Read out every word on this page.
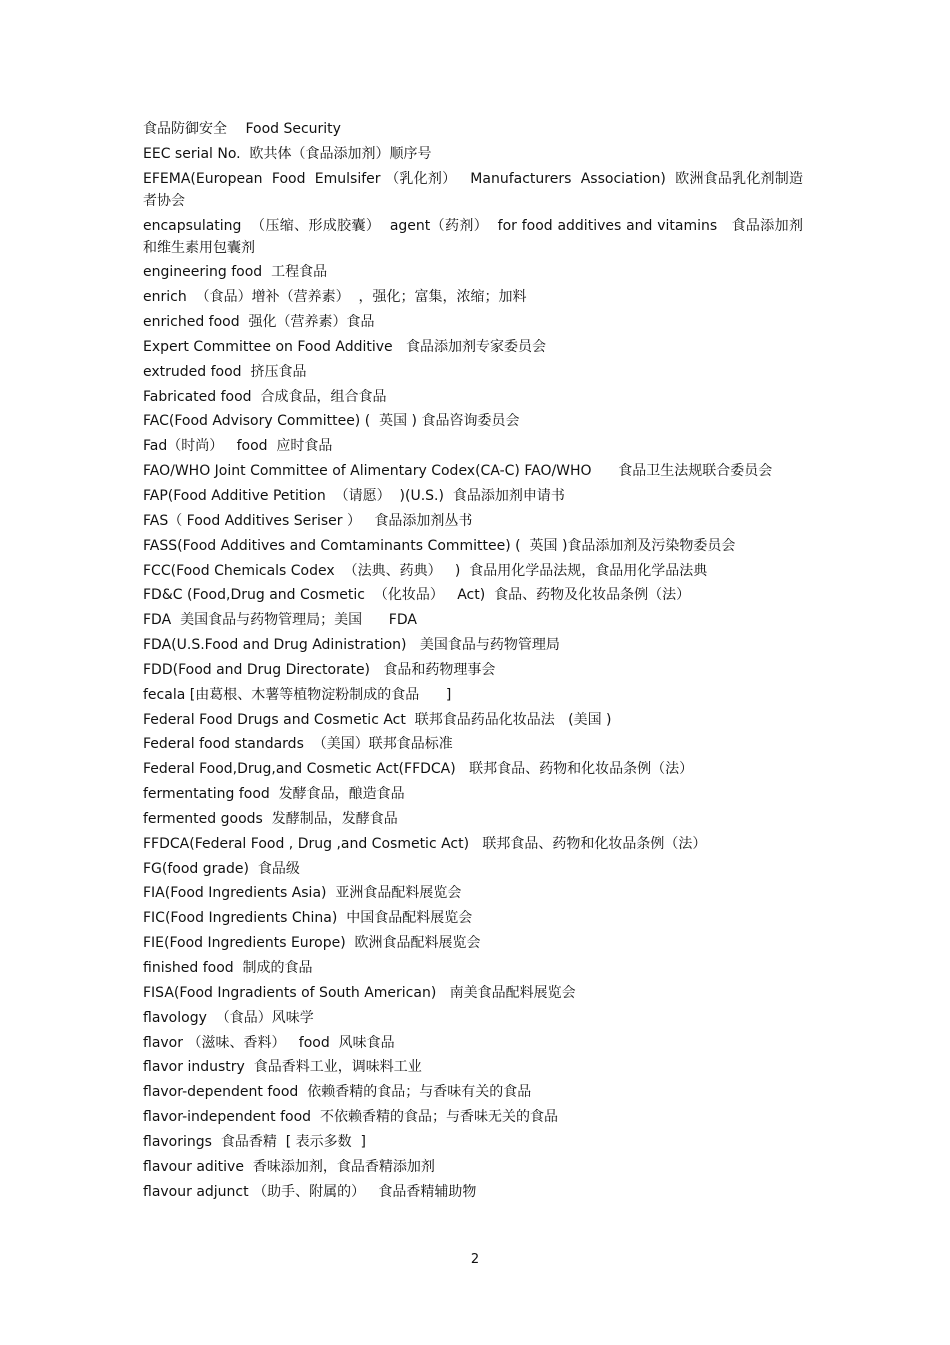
食品防御安全　 Food Security
EEC serial No.  欧共体（食品添加剂）顺序号
EFEMA(European  Food  Emulsifer （乳化剂）   Manufacturers  Association)  欧洲食品乳化剂制造者协会
encapsulating  （压缩、形成胶囊）  agent（药剂）  for food additives and vitamins   食品添加剂和维生素用包囊剂
engineering food  工程食品
enrich  （食品）增补（营养素）  ，强化；富集，浓缩；加料
enriched food  强化（营养素）食品
Expert Committee on Food Additive   食品添加剂专家委员会
extruded food  挤压食品
Fabricated food  合成食品，组合食品
FAC(Food Advisory Committee) (  英国 ) 食品咨询委员会
Fad（时尚）   food  应时食品
FAO/WHO Joint Committee of Alimentary Codex(CA-C) FAO/WHO      食品卫生法规联合委员会
FAP(Food Additive Petition  （请愿）  )(U.S.)  食品添加剂申请书
FAS（ Food Additives Seriser ）   食品添加剂丛书
FASS(Food Additives and Comtaminants Committee) (  英国 )食品添加剂及污染物委员会
FCC(Food Chemicals Codex  （法典、药典）   )  食品用化学品法规，食品用化学品法典
FD&C (Food,Drug and Cosmetic  （化妆品）   Act)  食品、药物及化妆品条例（法）
FDA  美国食品与药物管理局；美国      FDA
FDA(U.S.Food and Drug Adinistration)   美国食品与药物管理局
FDD(Food and Drug Directorate)   食品和药物理事会
fecala [由葛根、木薯等植物淀粉制成的食品      ]
Federal Food Drugs and Cosmetic Act  联邦食品药品化妆品法   (美国 )
Federal food standards  （美国）联邦食品标准
Federal Food,Drug,and Cosmetic Act(FFDCA)   联邦食品、药物和化妆品条例（法）
fermentating food  发酵食品，酿造食品
fermented goods  发酵制品，发酵食品
FFDCA(Federal Food , Drug ,and Cosmetic Act)   联邦食品、药物和化妆品条例（法）
FG(food grade)  食品级
FIA(Food Ingredients Asia)  亚洲食品配料展览会
FIC(Food Ingredients China)  中国食品配料展览会
FIE(Food Ingredients Europe)  欧洲食品配料展览会
finished food  制成的食品
FISA(Food Ingradients of South American)   南美食品配料展览会
flavology  （食品）风味学
flavor （滋味、香料）   food  风味食品
flavor industry  食品香料工业，调味料工业
flavor-dependent food  依赖香精的食品；与香味有关的食品
flavor-independent food  不依赖香精的食品；与香味无关的食品
flavorings  食品香精  [ 表示多数  ]
flavour aditive  香味添加剂，食品香精添加剂
flavour adjunct （助手、附属的）   食品香精辅助物
2
